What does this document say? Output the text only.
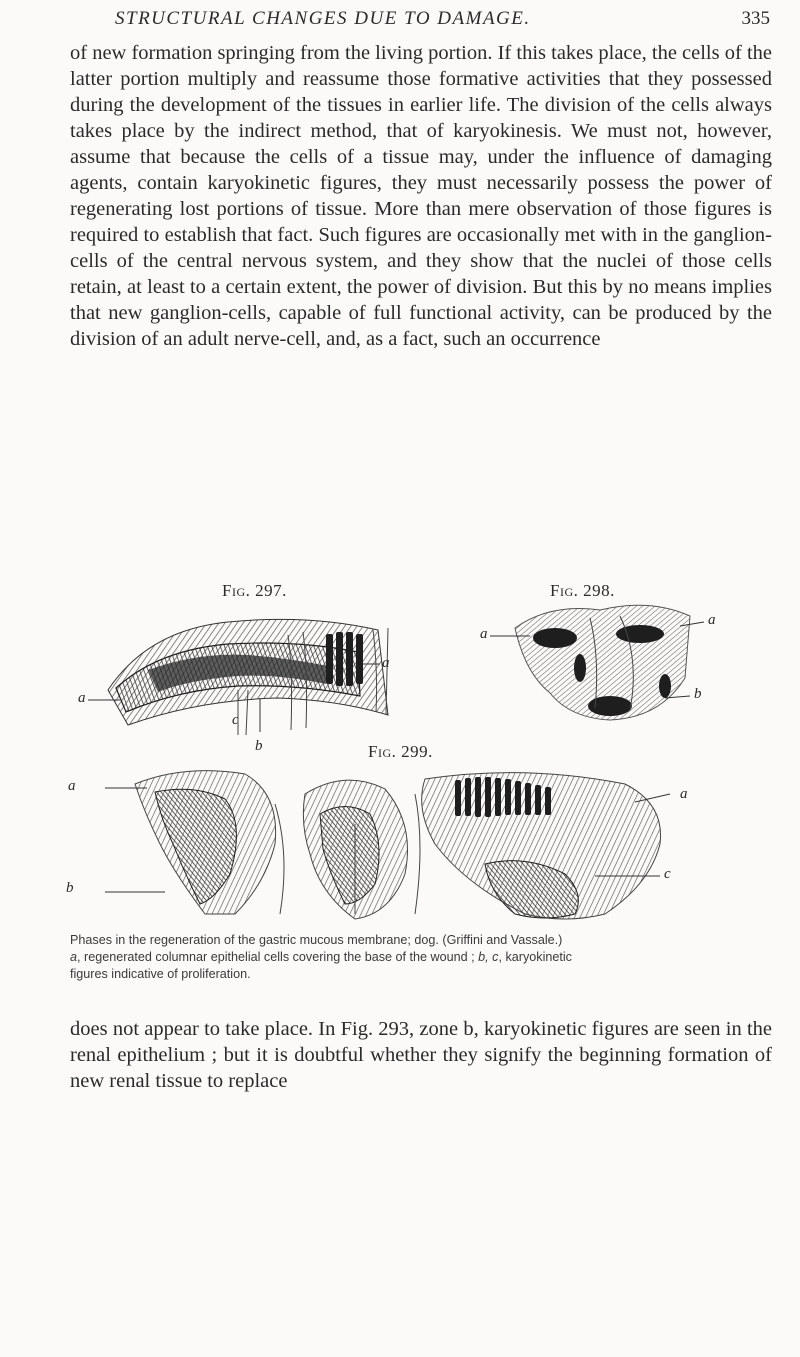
STRUCTURAL CHANGES DUE TO DAMAGE.	335

of new formation springing from the living portion. If this takes place, the cells of the latter portion multiply and reassume those formative activities that they possessed during the development of the tissues in earlier life. The division of the cells always takes place by the indirect method, that of karyokinesis. We must not, however, assume that because the cells of a tissue may, under the influence of damaging agents, contain karyokinetic figures, they must necessarily possess the power of regenerating lost portions of tissue. More than mere observation of those figures is required to establish that fact. Such figures are occasionally met with in the ganglion-cells of the central nervous system, and they show that the nuclei of those cells retain, at least to a certain extent, the power of division. But this by no means implies that new ganglion-cells, capable of full functional activity, can be produced by the division of an adult nerve-cell, and, as a fact, such an occurrence

Fig. 297.	Fig. 298.
Fig. 299.
a
a
c
b
a
a
b
a	a
b
c
Phases in the regeneration of the gastric mucous membrane; dog. (Griffini and Vassale.)
a, regenerated columnar epithelial cells covering the base of the wound ; b, c, karyokinetic
figures indicative of proliferation.

does not appear to take place. In Fig. 293, zone b, karyokinetic figures are seen in the renal epithelium ; but it is doubtful whether they signify the beginning formation of new renal tissue to replace
